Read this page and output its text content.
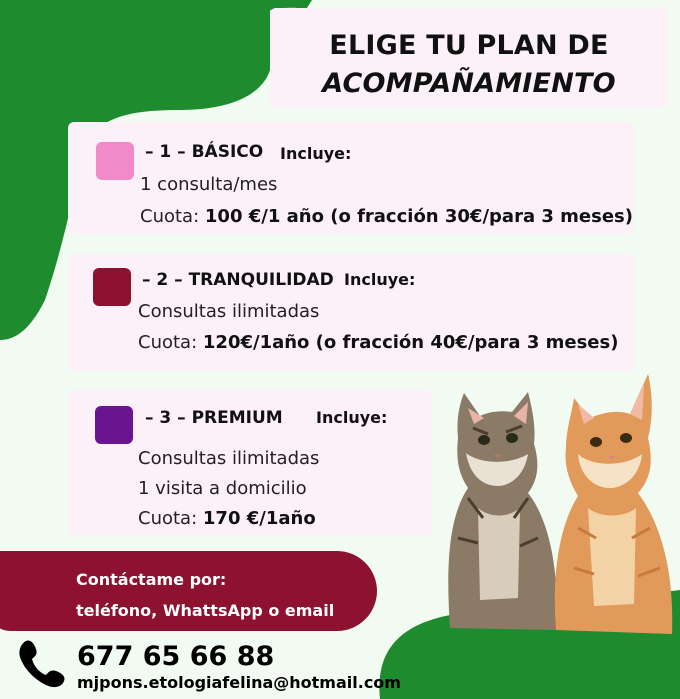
ELIGE TU PLAN DE
ACOMPAÑAMIENTO
– 1 – BÁSICO Incluye:
1 consulta/mes
Cuota: 100 €/1 año (o fracción 30€/para 3 meses)
– 2 – TRANQUILIDAD Incluye:
Consultas ilimitadas
Cuota: 120€/1año (o fracción 40€/para 3 meses)
– 3 – PREMIUM Incluye:
Consultas ilimitadas
1 visita a domicilio
Cuota: 170 €/1año
Contáctame por:
teléfono, WhattsApp o email
677 65 66 88
mjpons.etologiafelina@hotmail.com
